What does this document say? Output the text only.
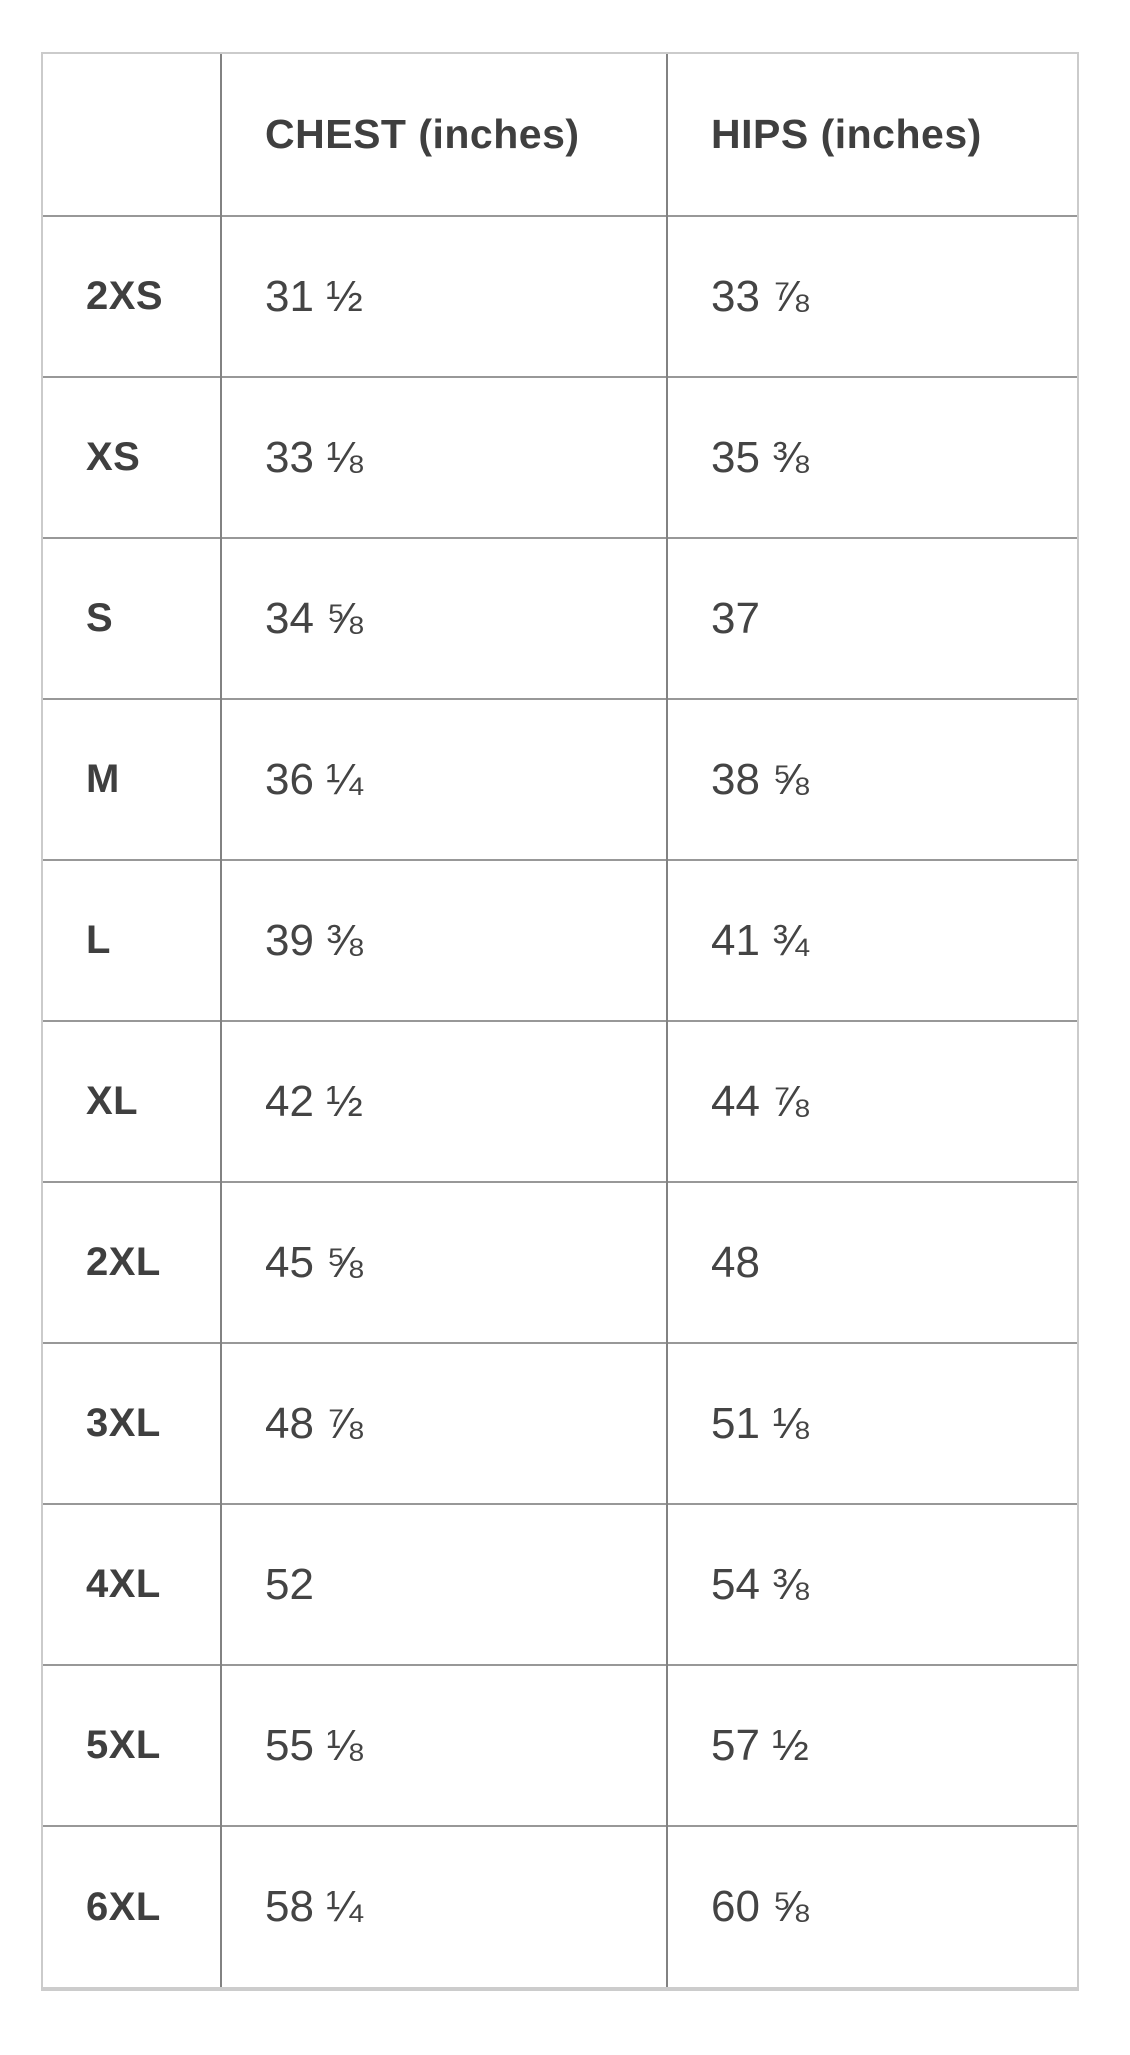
	CHEST (inches)	HIPS (inches)
2XS	31 ½	33 ⅞
XS	33 ⅛	35 ⅜
S	34 ⅝	37
M	36 ¼	38 ⅝
L	39 ⅜	41 ¾
XL	42 ½	44 ⅞
2XL	45 ⅝	48
3XL	48 ⅞	51 ⅛
4XL	52	54 ⅜
5XL	55 ⅛	57 ½
6XL	58 ¼	60 ⅝
